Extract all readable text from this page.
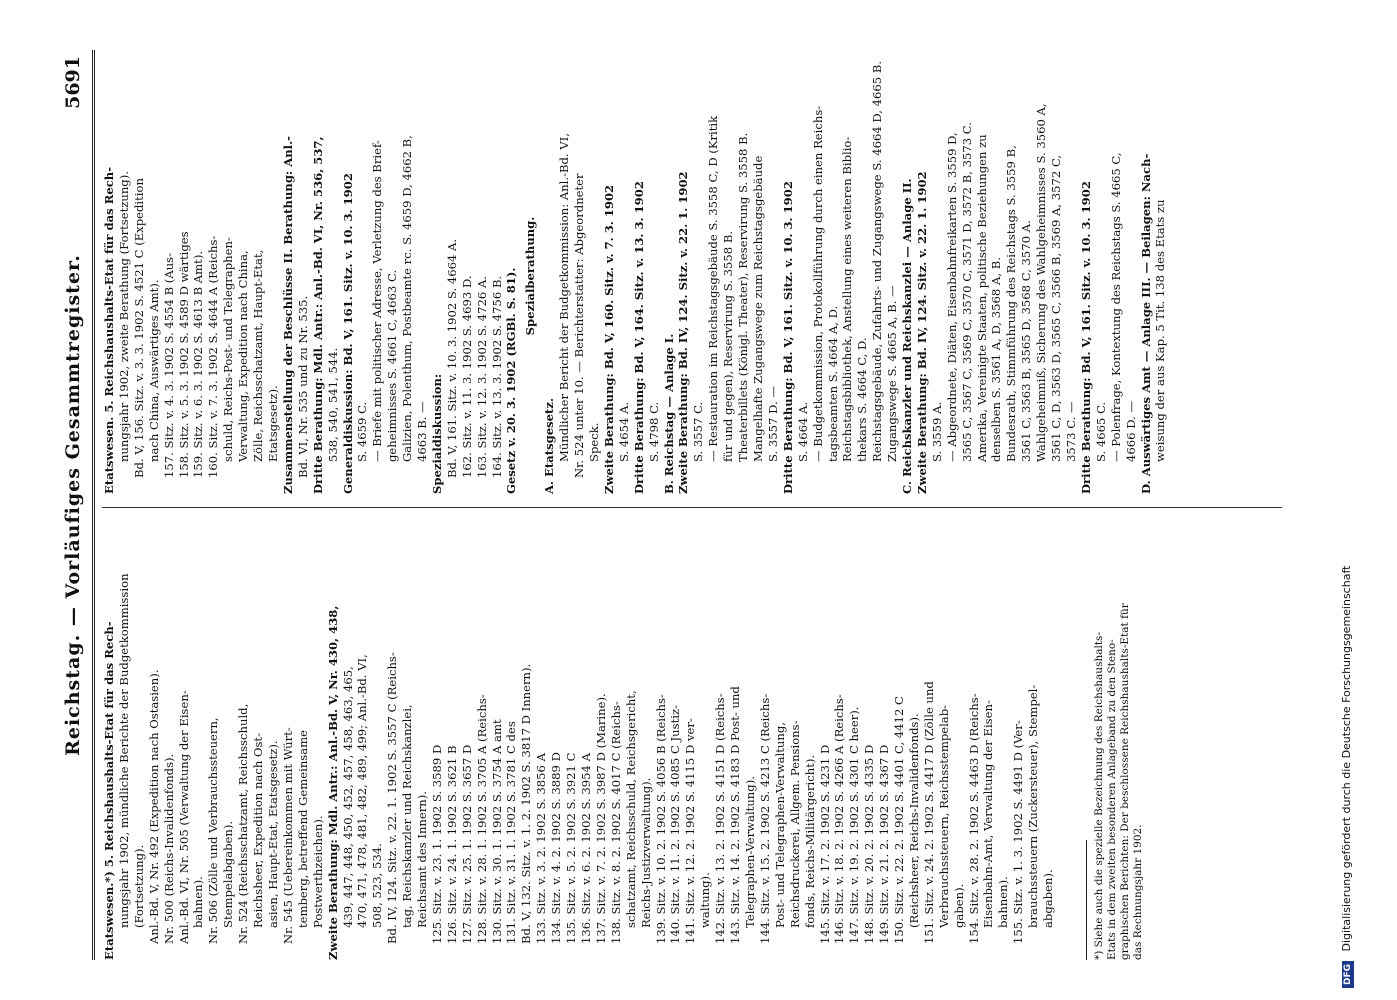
Reichstag. — Vorläufiges Gesammtregister.
5691
Etatswesen.*) 5. Reichshaushalts-Etat für das Rech- nungsjahr 1902, mündliche Berichte der Budgetkommission (Fortsetzung). Anl.-Bd. V, Nr. 492 (Expedition nach Ostasien). Nr. 500 (Reichs-Invalidenfonds). Anl.-Bd. VI, Nr. 505 (Verwaltung der Eisen- bahnen). Nr. 506 (Zölle und Verbrauchssteuern, Stempelabgaben). Nr. 524 (Reichsschatzamt, Reichsschuld, Reichsheer, Expedition nach Ost- asien, Haupt-Etat, Etatsgesetz). Nr. 545 (Uebereinkommen mit Würt- temberg, betreffend Gemeinsame Postwerthzeichen). Zweite Berathung: Mdl. Antr.: Anl.-Bd. V, Nr. 430, 438, 439, 447, 448, 450, 452, 457, 458, 463, 465, 470, 471, 478, 481, 482, 489, 499; Anl.-Bd. VI, 508, 523, 534. Bd. IV, 124. Sitz. v. 22. 1. 1902 S. 3557 C (Reichs- tag, Reichskanzler und Reichskanzlei, Reichsamt des Innern). 125. Sitz. v. 23. 1. 1902 S. 3589 D 126. Sitz. v. 24. 1. 1902 S. 3621 B 127. Sitz. v. 25. 1. 1902 S. 3657 D 128. Sitz. v. 28. 1. 1902 S. 3705 A (Reichs- 130. Sitz. v. 30. 1. 1902 S. 3754 A amt 131. Sitz. v. 31. 1. 1902 S. 3781 C des Bd. V, 132. Sitz. v. 1. 2. 1902 S. 3817 D Innern). 133. Sitz. v. 3. 2. 1902 S. 3856 A 134. Sitz. v. 4. 2. 1902 S. 3889 D 135. Sitz. v. 5. 2. 1902 S. 3921 C 136. Sitz. v. 6. 2. 1902 S. 3954 A 137. Sitz. v. 7. 2. 1902 S. 3987 D (Marine). 138. Sitz. v. 8. 2. 1902 S. 4017 C (Reichs- schatzamt, Reichsschuld, Reichsgericht, Reichs-Justizverwaltung). 139. Sitz. v. 10. 2. 1902 S. 4056 B (Reichs- 140. Sitz. v. 11. 2. 1902 S. 4085 C Justiz- 141. Sitz. v. 12. 2. 1902 S. 4115 D ver- waltung). 142. Sitz. v. 13. 2. 1902 S. 4151 D (Reichs- 143. Sitz. v. 14. 2. 1902 S. 4183 D Post- und Telegraphen-Verwaltung). 144. Sitz. v. 15. 2. 1902 S. 4213 C (Reichs- Post- und Telegraphen-Verwaltung, Reichsdruckerei, Allgem. Pensions- fonds, Reichs-Militärgericht). 145. Sitz. v. 17. 2. 1902 S. 4231 D 146. Sitz. v. 18. 2. 1902 S. 4266 A (Reichs- 147. Sitz. v. 19. 2. 1902 S. 4301 C heer). 148. Sitz. v. 20. 2. 1902 S. 4335 D 149. Sitz. v. 21. 2. 1902 S. 4367 D 150. Sitz. v. 22. 2. 1902 S. 4401 C, 4412 C (Reichsheer, Reichs-Invalidenfonds). 151. Sitz. v. 24. 2. 1902 S. 4417 D (Zölle und Verbrauchssteuern, Reichsstempelab- gaben). 154. Sitz. v. 28. 2. 1902 S. 4463 D (Reichs- Eisenbahn-Amt, Verwaltung der Eisen- bahnen). 155. Sitz. v. 1. 3. 1902 S. 4491 D (Ver- brauchssteuern (Zuckersteuer), Stempel- abgaben).	*) Siehe auch die spezielle Bezeichnung des Reichshaushalts- Etats in dem zweiten besonderen Anlageband zu den Steno- graphischen Berichten: Der beschlossene Reichshaushalts-Etat für das Rechnungsjahr 1902.
Etatswesen. 5. Reichshaushalts-Etat für das Rech- nungsjahr 1902, zweite Berathung (Fortsetzung). Bd. V, 156. Sitz. v. 3. 3. 1902 S. 4521 C (Expedition nach China, Auswärtiges Amt). 157. Sitz. v. 4. 3. 1902 S. 4554 B (Aus- 158. Sitz. v. 5. 3. 1902 S. 4589 D wärtiges 159. Sitz. v. 6. 3. 1902 S. 4613 B Amt). 160. Sitz. v. 7. 3. 1902 S. 4644 A (Reichs- schuld, Reichs-Post- und Telegraphen- Verwaltung, Expedition nach China, Zölle, Reichsschatzamt, Haupt-Etat, Etatsgesetz). Zusammenstellung der Beschlüsse II. Berathung: Anl.- Bd. VI, Nr. 535 und zu Nr. 535. Dritte Berathung: Mdl. Antr.: Anl.-Bd. VI, Nr. 536, 537, 538, 540, 541, 544. Generaldiskussion: Bd. V, 161. Sitz. v. 10. 3. 1902 S. 4659 C. — Briefe mit politischer Adresse, Verletzung des Brief- geheimnisses S. 4661 C, 4663 C. Galizien, Polenthum, Postbeamte rc. S. 4659 D, 4662 B, 4663 B. — Spezialdiskussion: Bd. V, 161. Sitz. v. 10. 3. 1902 S. 4664 A. 162. Sitz. v. 11. 3. 1902 S. 4693 D. 163. Sitz. v. 12. 3. 1902 S. 4726 A. 164. Sitz. v. 13. 3. 1902 S. 4756 B. Gesetz v. 20. 3. 1902 (RGBl. S. 81). Spezialberathung.
A. Etatsgesetz. Mündlicher Bericht der Budgetkommission: Anl.-Bd. VI, Nr. 524 unter 10. — Berichterstatter: Abgeordneter Speck. Zweite Berathung: Bd. V, 160. Sitz. v. 7. 3. 1902 S. 4654 A. Dritte Berathung: Bd. V, 164. Sitz. v. 13. 3. 1902 S. 4798 C. B. Reichstag — Anlage I. Zweite Berathung: Bd. IV, 124. Sitz. v. 22. 1. 1902 S. 3557 C. — Restauration im Reichstagsgebäude S. 3558 C, D (Kritik für und gegen), Reservirung S. 3558 B. Theaterbillets (Königl. Theater), Reservirung S. 3558 B. Mangelhafte Zugangswege zum Reichstagsgebäude S. 3557 D. — Dritte Berathung: Bd. V, 161. Sitz. v. 10. 3. 1902 S. 4664 A. — Budgetkommission, Protokollführung durch einen Reichs- tagsbeamten S. 4664 A, D. Reichstagsbibliothek, Anstellung eines weiteren Biblio- thekars S. 4664 C, D. Reichstagsgebäude, Zufahrts- und Zugangswege S. 4664 D, 4665 B. Zugangswege S. 4665 A, B. — C. Reichskanzler und Reichskanzlei — Anlage II. Zweite Berathung: Bd. IV, 124. Sitz. v. 22. 1. 1902 S. 3559 A. — Abgeordnete, Diäten, Eisenbahnfreikarten S. 3559 D, 3565 C, 3567 C, 3569 C, 3570 C, 3571 D, 3572 B, 3573 C. Amerika, Vereinigte Staaten, politische Beziehungen zu denselben S. 3561 A, D, 3568 A, B. Bundesrath, Stimmführung des Reichstags S. 3559 B, 3561 C, 3563 B, 3565 D, 3568 C, 3570 A. Wahlgeheimniß, Sicherung des Wahlgeheimnisses S. 3560 A, 3561 C, D, 3563 D, 3565 C, 3566 B, 3569 A, 3572 C, 3573 C. — Dritte Berathung: Bd. V, 161. Sitz. v. 10. 3. 1902 S. 4665 C. — Polenfrage, Kontextung des Reichstags S. 4665 C, 4666 D. — D. Auswärtiges Amt — Anlage III. — Beilagen: Nach- weisung der aus Kap. 5 Tit. 138 des Etats zu
DFG Digitalisierung gefördert durch die Deutsche Forschungsgemeinschaft
